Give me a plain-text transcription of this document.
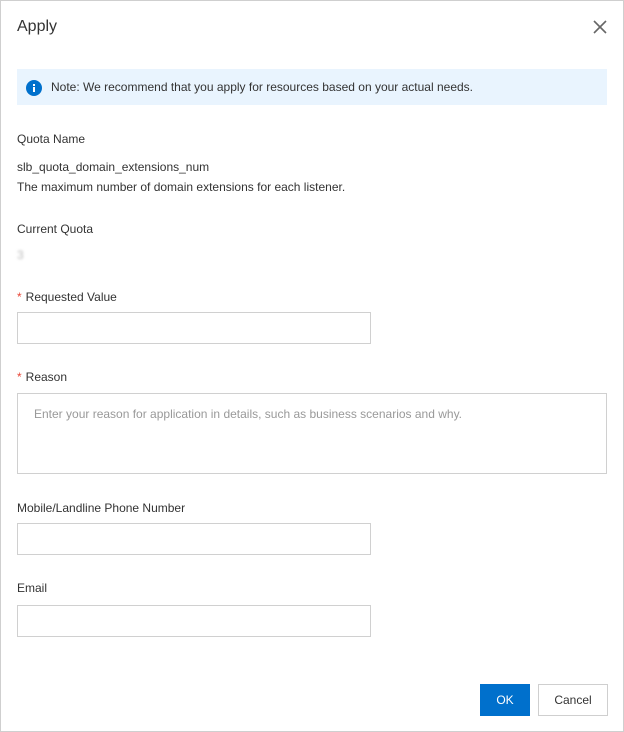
Apply
Note: We recommend that you apply for resources based on your actual needs.
Quota Name
slb_quota_domain_extensions_num
The maximum number of domain extensions for each listener.
Current Quota
3
* Requested Value
* Reason
Enter your reason for application in details, such as business scenarios and why.
Mobile/Landline Phone Number
Email
OK	Cancel
